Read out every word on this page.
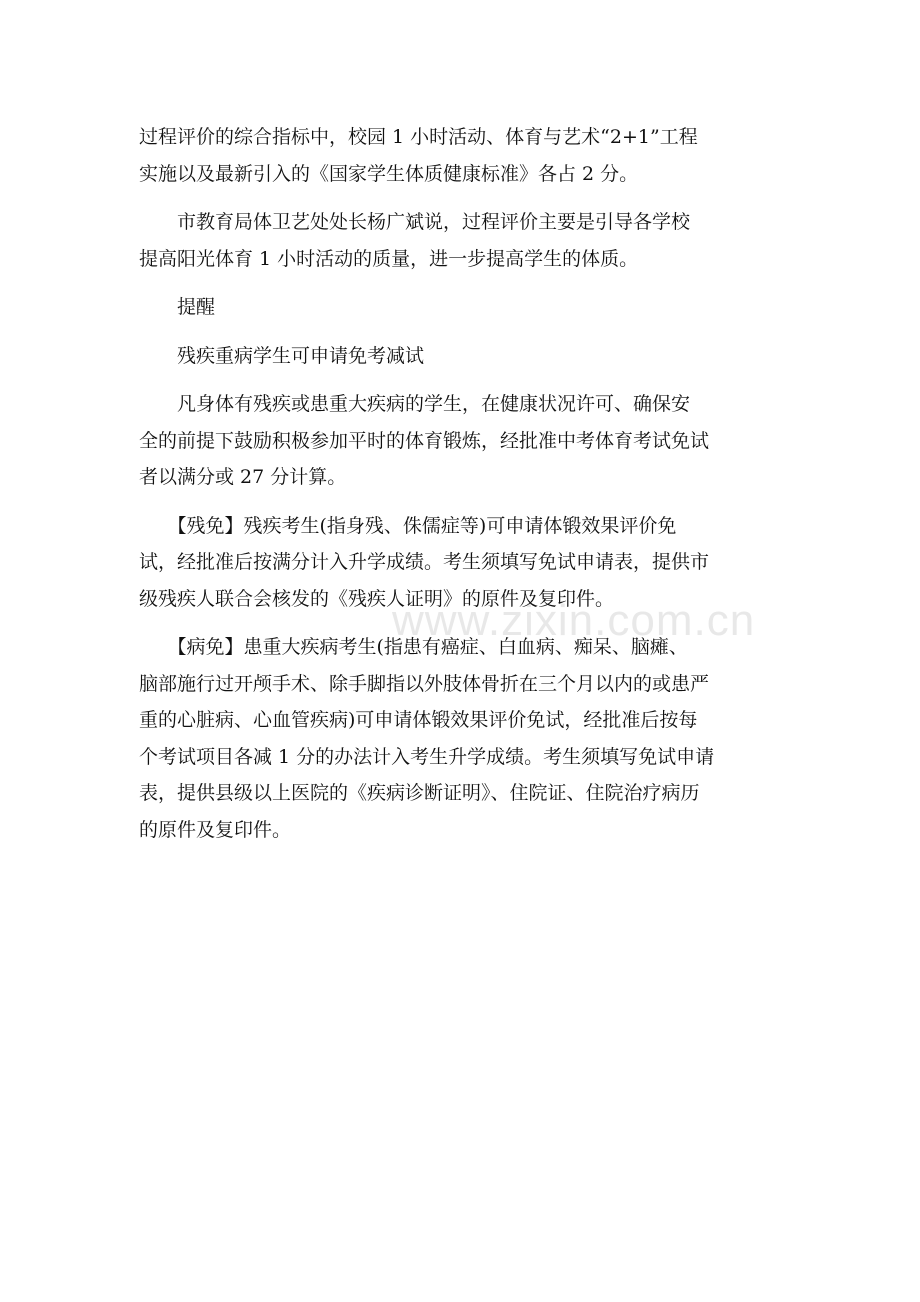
过程评价的综合指标中，校园 1 小时活动、体育与艺术“2+1”工程
实施以及最新引入的《国家学生体质健康标准》各占 2 分。

　　市教育局体卫艺处处长杨广斌说，过程评价主要是引导各学校
提高阳光体育 1 小时活动的质量，进一步提高学生的体质。

　　提醒

　　残疾重病学生可申请免考减试

　　凡身体有残疾或患重大疾病的学生，在健康状况许可、确保安
全的前提下鼓励积极参加平时的体育锻炼，经批准中考体育考试免试
者以满分或 27 分计算。

　　【残免】残疾考生(指身残、侏儒症等)可申请体锻效果评价免
试，经批准后按满分计入升学成绩。考生须填写免试申请表，提供市
级残疾人联合会核发的《残疾人证明》的原件及复印件。

　　【病免】患重大疾病考生(指患有癌症、白血病、痴呆、脑瘫、
脑部施行过开颅手术、除手脚指以外肢体骨折在三个月以内的或患严
重的心脏病、心血管疾病)可申请体锻效果评价免试，经批准后按每
个考试项目各减 1 分的办法计入考生升学成绩。考生须填写免试申请
表，提供县级以上医院的《疾病诊断证明》、住院证、住院治疗病历
的原件及复印件。

www.zixin.com.cn
